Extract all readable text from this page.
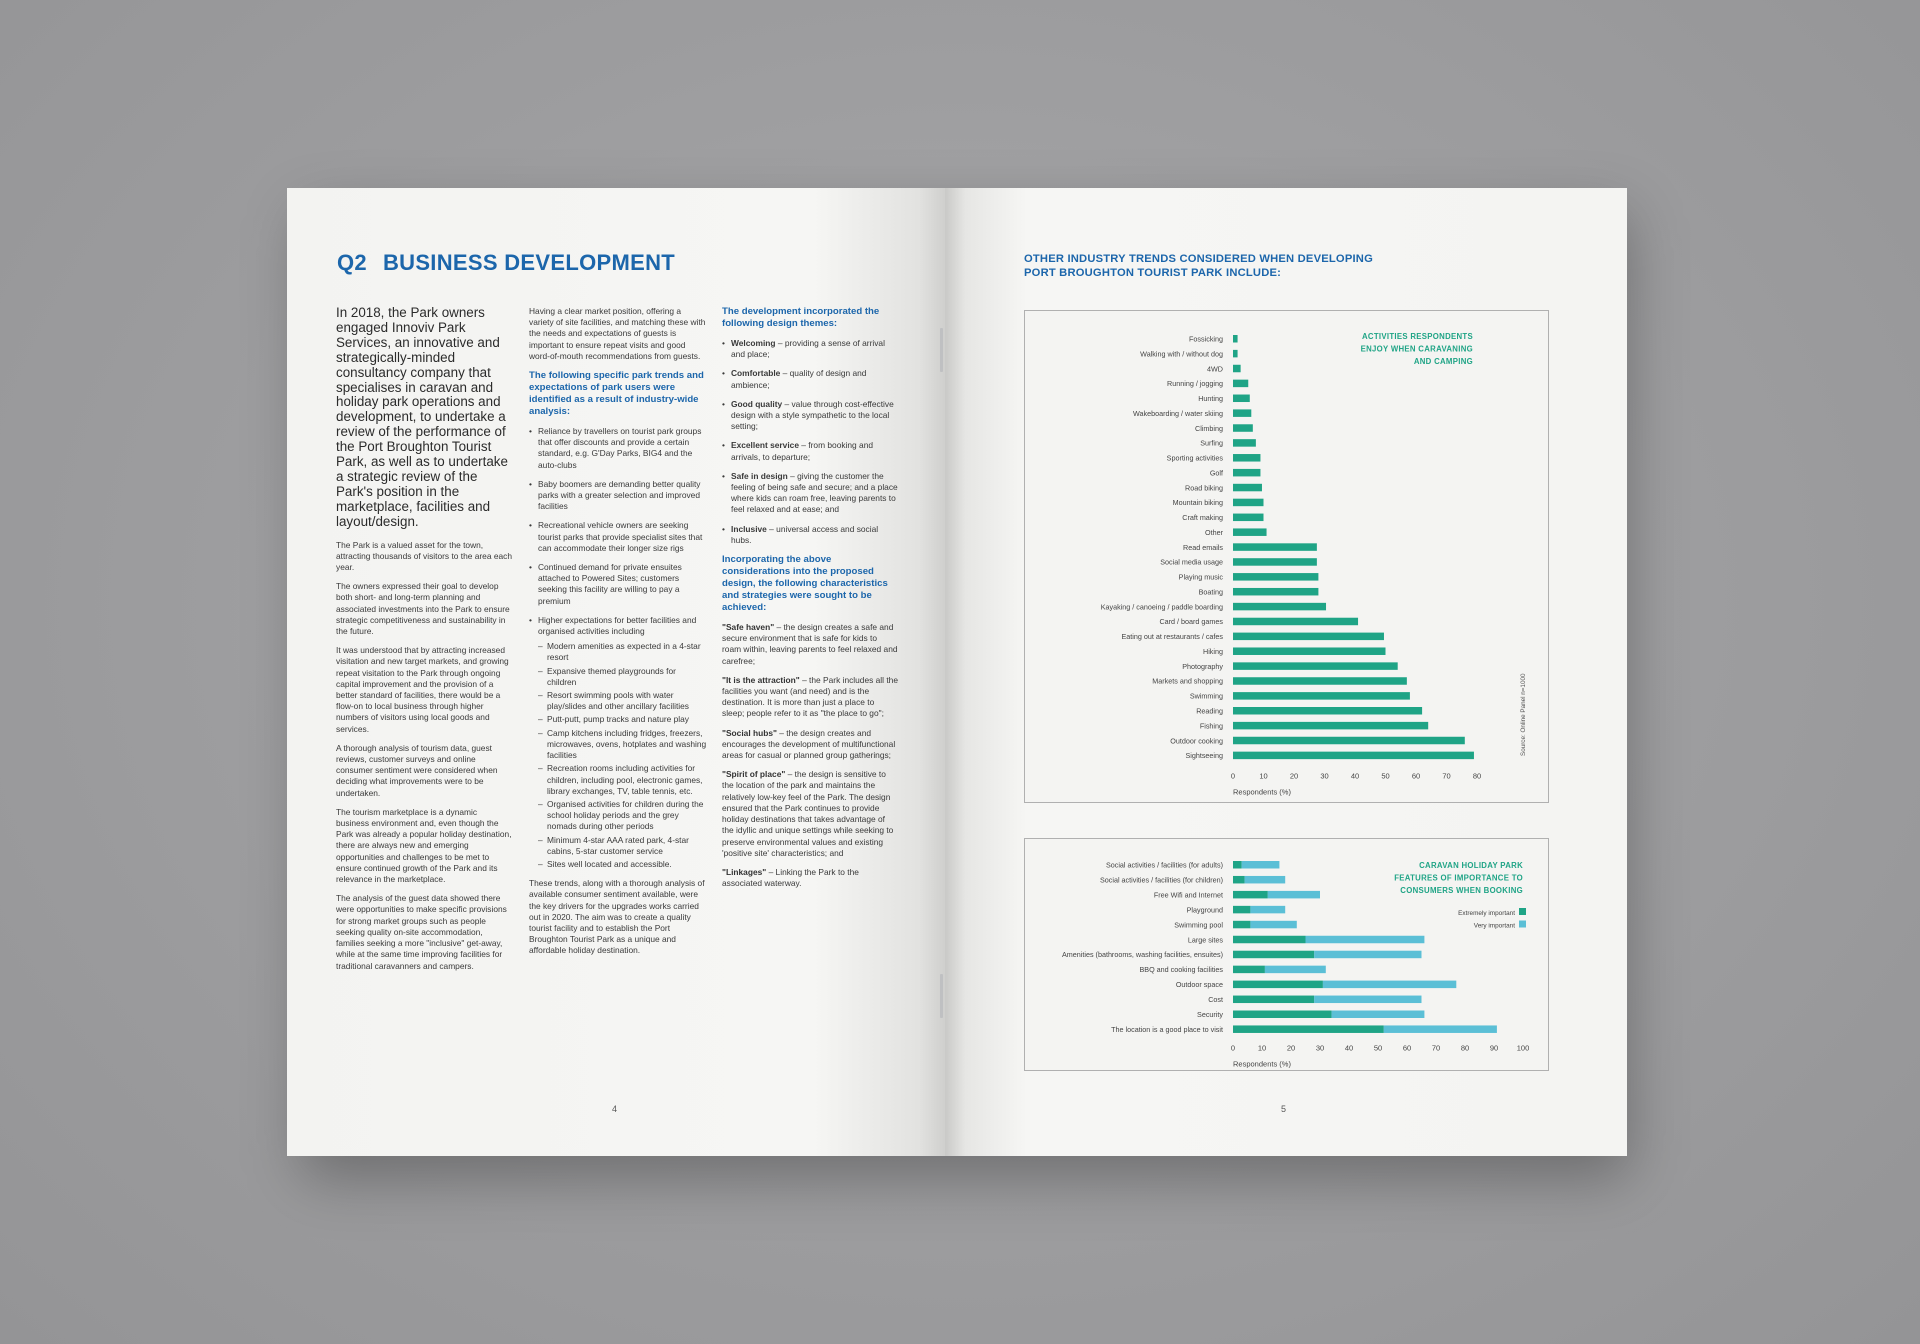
Q2 BUSINESS DEVELOPMENT

In 2018, the Park owners engaged Innoviv Park Services, an innovative and strategically-minded consultancy company that specialises in caravan and holiday park operations and development, to undertake a review of the performance of the Port Broughton Tourist Park, as well as to undertake a strategic review of the Park's position in the marketplace, facilities and layout/design.

The Park is a valued asset for the town, attracting thousands of visitors to the area each year.

The owners expressed their goal to develop both short- and long-term planning and associated investments into the Park to ensure strategic competitiveness and sustainability in the future.

It was understood that by attracting increased visitation and new target markets, and growing repeat visitation to the Park through ongoing capital improvement and the provision of a better standard of facilities, there would be a flow-on to local business through higher numbers of visitors using local goods and services.

A thorough analysis of tourism data, guest reviews, customer surveys and online consumer sentiment were considered when deciding what improvements were to be undertaken.

The tourism marketplace is a dynamic business environment and, even though the Park was already a popular holiday destination, there are always new and emerging opportunities and challenges to be met to ensure continued growth of the Park and its relevance in the marketplace.

The analysis of the guest data showed there were opportunities to make specific provisions for strong market groups such as people seeking quality on-site accommodation, families seeking a more "inclusive" get-away, while at the same time improving facilities for traditional caravanners and campers.

Having a clear market position, offering a variety of site facilities, and matching these with the needs and expectations of guests is important to ensure repeat visits and good word-of-mouth recommendations from guests.

The following specific park trends and expectations of park users were identified as a result of industry-wide analysis:

• Reliance by travellers on tourist park groups that offer discounts and provide a certain standard, e.g. G'Day Parks, BIG4 and the auto-clubs
• Baby boomers are demanding better quality parks with a greater selection and improved facilities
• Recreational vehicle owners are seeking tourist parks that provide specialist sites that can accommodate their longer size rigs
• Continued demand for private ensuites attached to Powered Sites; customers seeking this facility are willing to pay a premium
• Higher expectations for better facilities and organised activities including
– Modern amenities as expected in a 4-star resort
– Expansive themed playgrounds for children
– Resort swimming pools with water play/slides and other ancillary facilities
– Putt-putt, pump tracks and nature play
– Camp kitchens including fridges, freezers, microwaves, ovens, hotplates and washing facilities
– Recreation rooms including activities for children, including pool, electronic games, library exchanges, TV, table tennis, etc.
– Organised activities for children during the school holiday periods and the grey nomads during other periods
– Minimum 4-star AAA rated park, 4-star cabins, 5-star customer service
– Sites well located and accessible.

These trends, along with a thorough analysis of available consumer sentiment available, were the key drivers for the upgrades works carried out in 2020. The aim was to create a quality tourist facility and to establish the Port Broughton Tourist Park as a unique and affordable holiday destination.

The development incorporated the following design themes:

• Welcoming – providing a sense of arrival and place;
• Comfortable – quality of design and ambience;
• Good quality – value through cost-effective design with a style sympathetic to the local setting;
• Excellent service – from booking and arrivals, to departure;
• Safe in design – giving the customer the feeling of being safe and secure; and a place where kids can roam free, leaving parents to feel relaxed and at ease; and
• Inclusive – universal access and social hubs.

Incorporating the above considerations into the proposed design, the following characteristics and strategies were sought to be achieved:

"Safe haven" – the design creates a safe and secure environment that is safe for kids to roam within, leaving parents to feel relaxed and carefree;

"It is the attraction" – the Park includes all the facilities you want (and need) and is the destination. It is more than just a place to sleep; people refer to it as "the place to go";

"Social hubs" – the design creates and encourages the development of multifunctional areas for casual or planned group gatherings;

"Spirit of place" – the design is sensitive to the location of the park and maintains the relatively low-key feel of the Park. The design ensured that the Park continues to provide holiday destinations that takes advantage of the idyllic and unique settings while seeking to preserve environmental values and existing 'positive site' characteristics; and

"Linkages" – Linking the Park to the associated waterway.

4
OTHER INDUSTRY TRENDS CONSIDERED WHEN DEVELOPING
PORT BROUGHTON TOURIST PARK INCLUDE:
Fossicking
Walking with / without dog
4WD
Running / jogging
Hunting
Wakeboarding / water skiing
Climbing
Surfing
Sporting activities
Golf
Road biking
Mountain biking
Craft making
Other
Read emails
Social media usage
Playing music
Boating
Kayaking / canoeing / paddle boarding
Card / board games
Eating out at restaurants / cafes
Hiking
Photography
Markets and shopping
Swimming
Reading
Fishing
Outdoor cooking
Sightseeing
0	10	20	30	40	50	60	70	80
Respondents (%)
ACTIVITIES RESPONDENTS
ENJOY WHEN CARAVANING
AND CAMPING
Source: Online Panel n=1000
Social activities / facilities (for adults)
Social activities / facilities (for children)
Free Wifi and Internet
Playground
Swimming pool
Large sites
Amenities (bathrooms, washing facilities, ensuites)
BBQ and cooking facilities
Outdoor space
Cost
Security
The location is a good place to visit
0	10	20	30	40	50	60	70	80	90 100
Respondents (%)
CARAVAN HOLIDAY PARK
FEATURES OF IMPORTANCE TO
CONSUMERS WHEN BOOKING
Extremely important
Very important
5
